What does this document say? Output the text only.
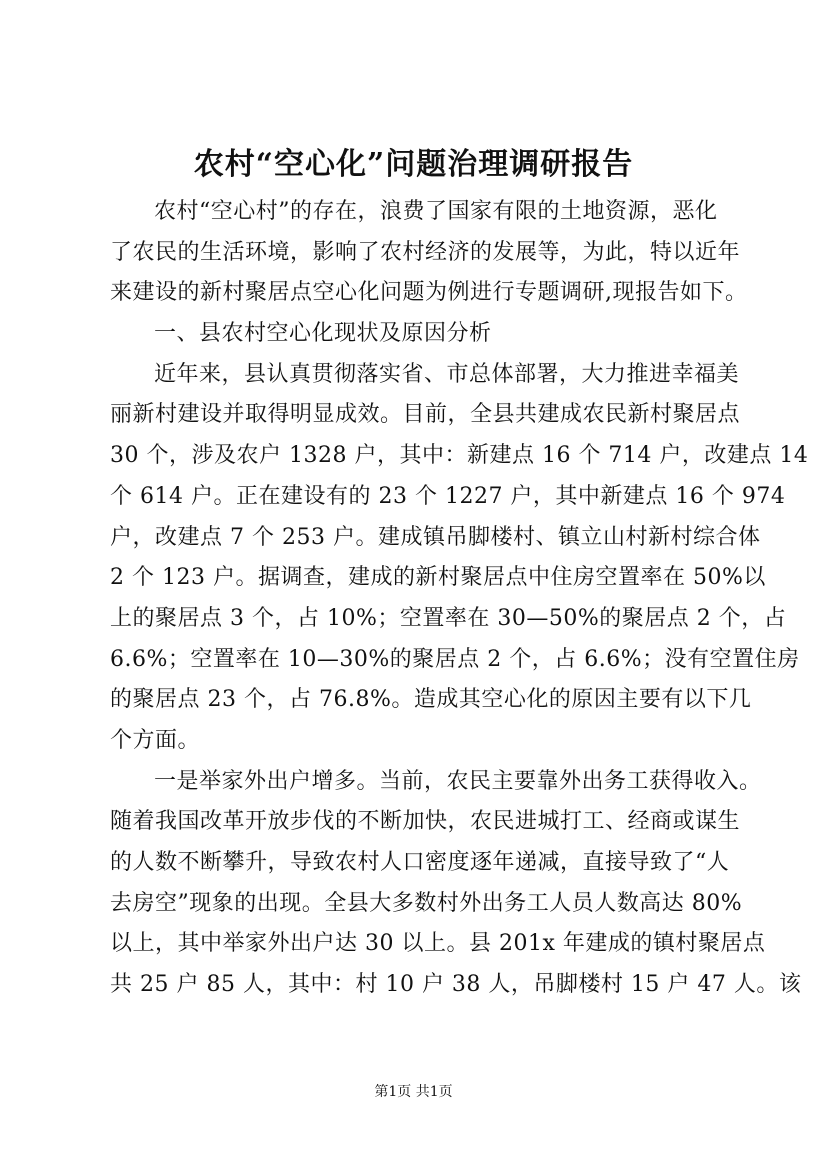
农村“空心化”问题治理调研报告
农村“空心村”的存在，浪费了国家有限的土地资源，恶化
了农民的生活环境，影响了农村经济的发展等，为此，特以近年
来建设的新村聚居点空心化问题为例进行专题调研,现报告如下。
一、县农村空心化现状及原因分析
近年来，县认真贯彻落实省、市总体部署，大力推进幸福美
丽新村建设并取得明显成效。目前，全县共建成农民新村聚居点
30 个，涉及农户 1328 户，其中：新建点 16 个 714 户，改建点 14
个 614 户。正在建设有的 23 个 1227 户，其中新建点 16 个 974
户，改建点 7 个 253 户。建成镇吊脚楼村、镇立山村新村综合体
2 个 123 户。据调查，建成的新村聚居点中住房空置率在 50%以
上的聚居点 3 个，占 10%；空置率在 30—50%的聚居点 2 个，占
6.6%；空置率在 10—30%的聚居点 2 个，占 6.6%；没有空置住房
的聚居点 23 个，占 76.8%。造成其空心化的原因主要有以下几
个方面。
一是举家外出户增多。当前，农民主要靠外出务工获得收入。
随着我国改革开放步伐的不断加快，农民进城打工、经商或谋生
的人数不断攀升，导致农村人口密度逐年递减，直接导致了“人
去房空”现象的出现。全县大多数村外出务工人员人数高达 80%
以上，其中举家外出户达 30 以上。县 201x 年建成的镇村聚居点
共 25 户 85 人，其中：村 10 户 38 人，吊脚楼村 15 户 47 人。该
第1页 共1页
